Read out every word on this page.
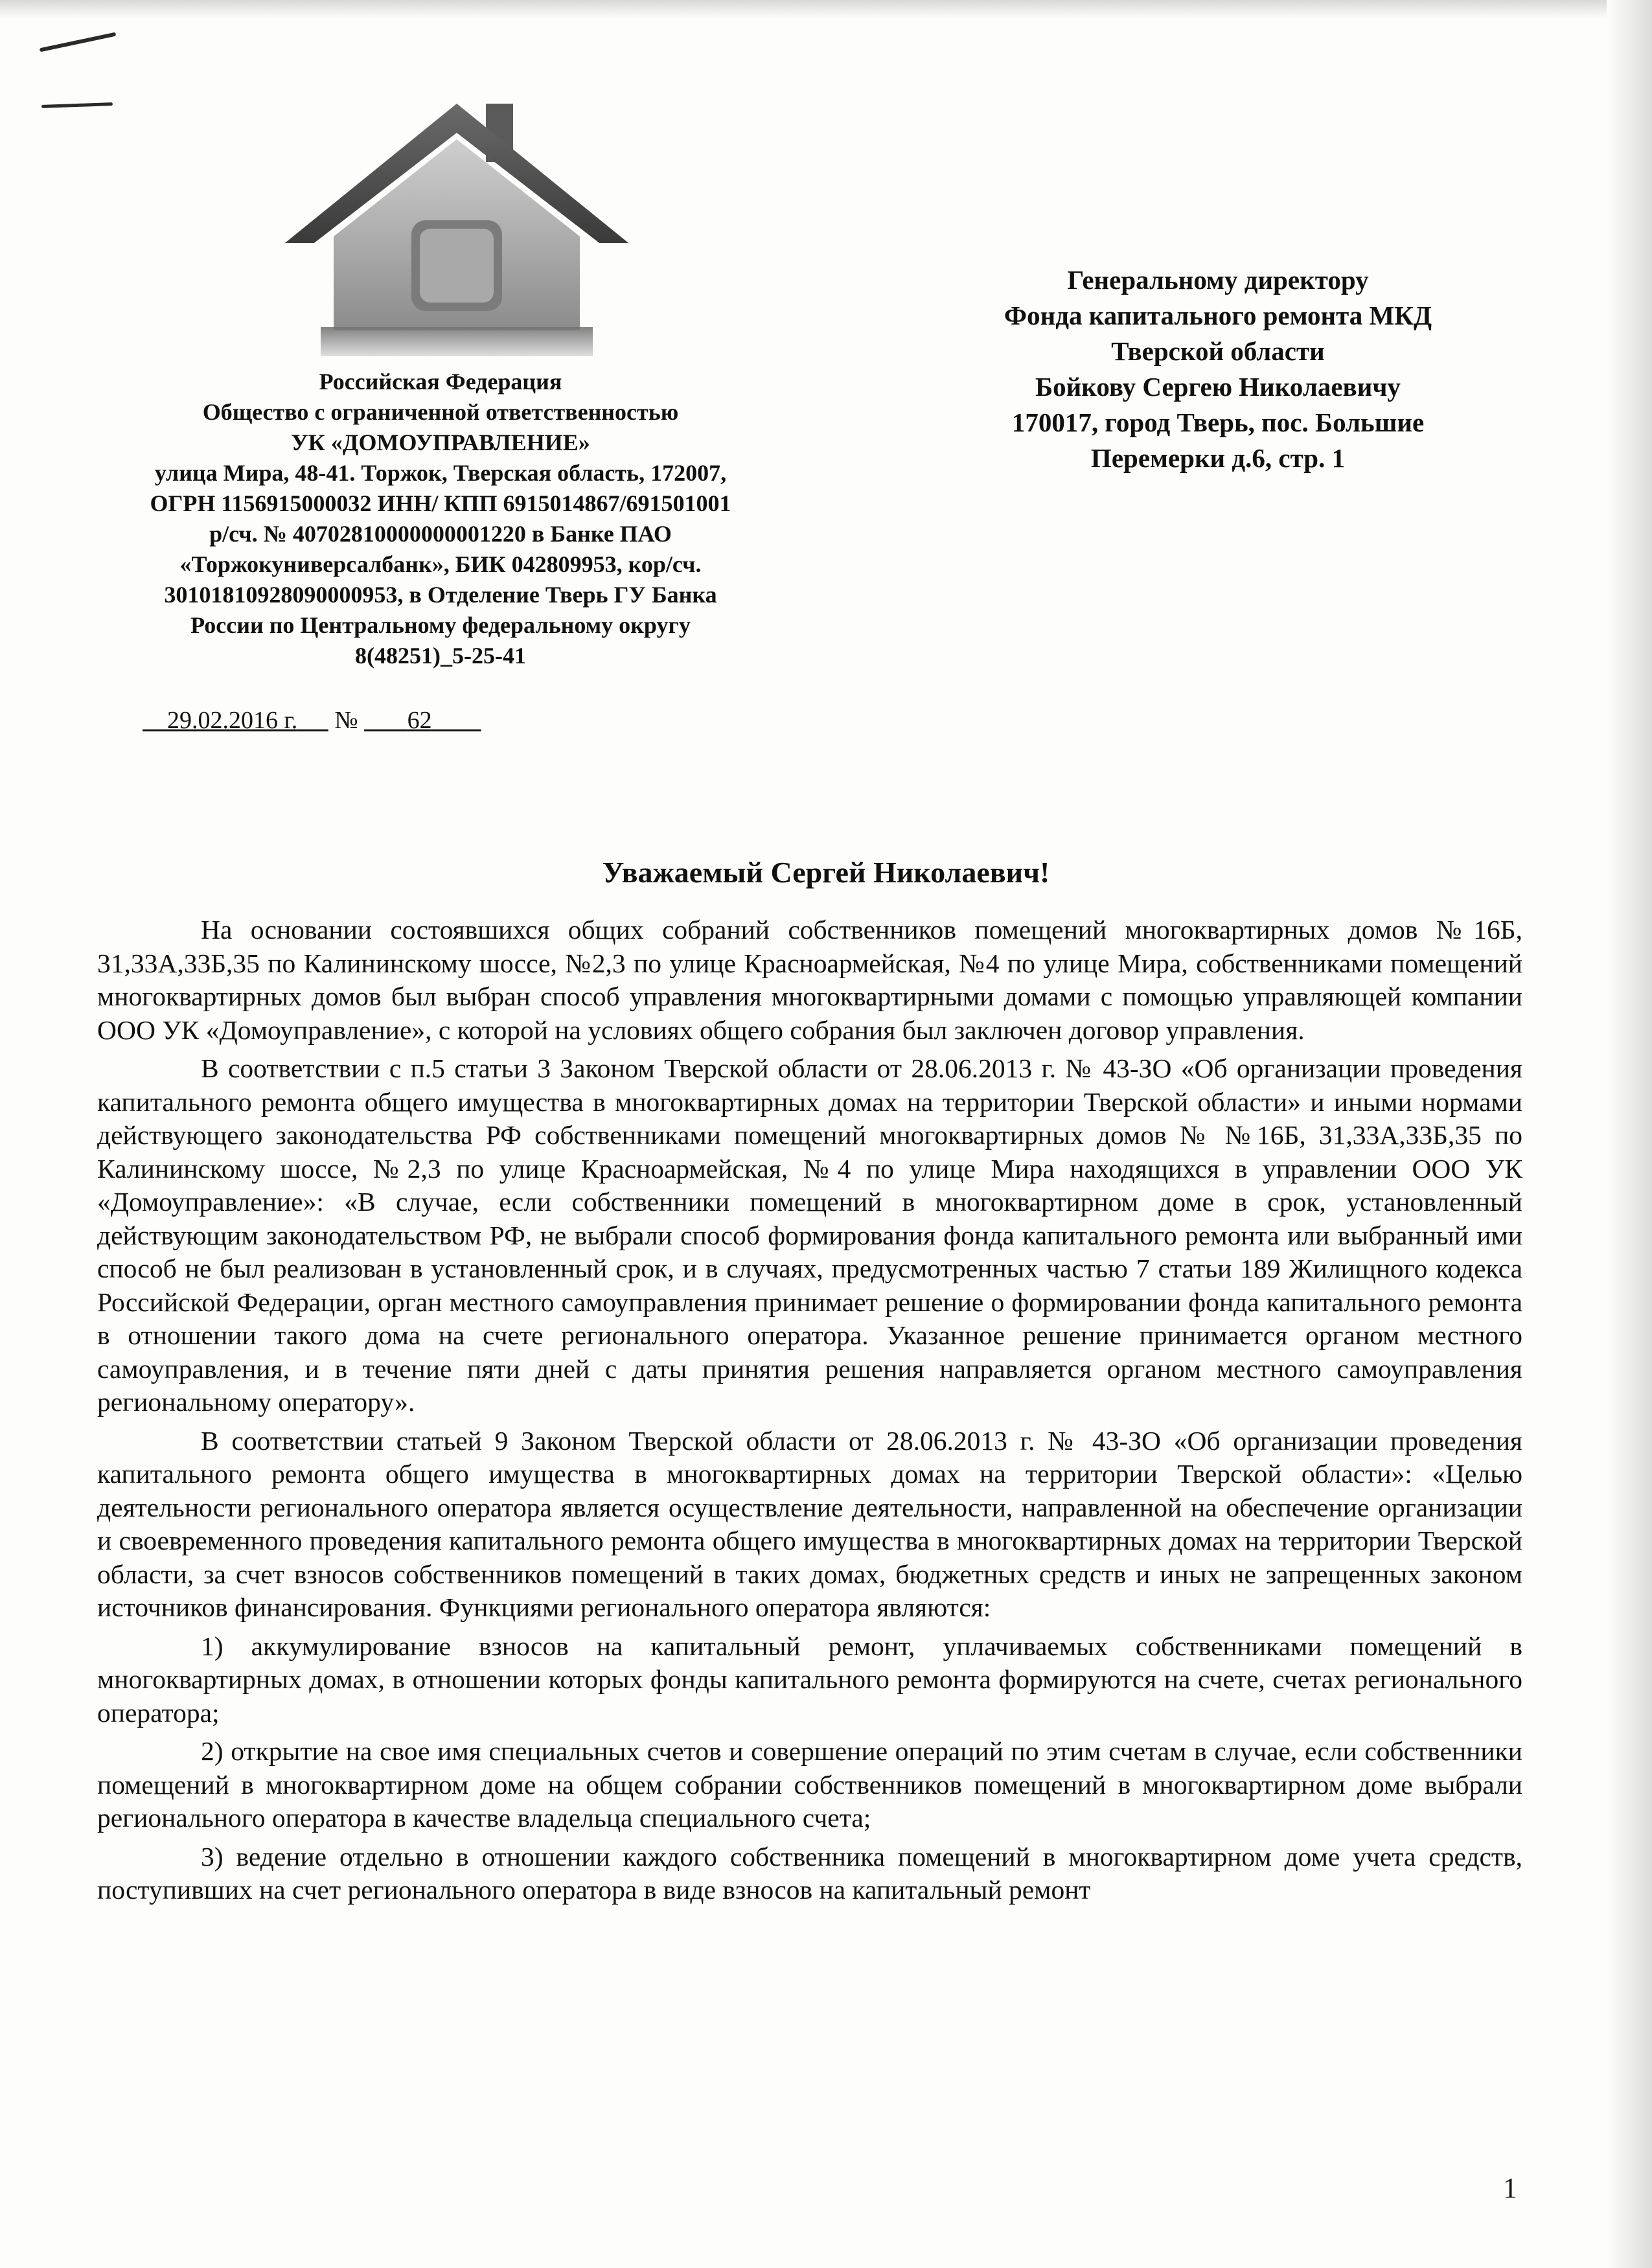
Российская Федерация
Общество с ограниченной ответственностью
УК «ДОМОУПРАВЛЕНИЕ»
улица Мира, 48-41. Торжок, Тверская область, 172007,
ОГРН 1156915000032 ИНН/ КПП 6915014867/691501001
р/сч. № 40702810000000001220 в Банке ПАО
«Торжокуниверсалбанк», БИК 042809953, кор/сч.
30101810928090000953, в Отделение Тверь ГУ Банка
России по Центральному федеральному округу
8(48251)_5-25-41
29.02.2016 г. № 62
Генеральному директору
Фонда капитального ремонта МКД
Тверской области
Бойкову Сергею Николаевичу
170017, город Тверь, пос. Большие
Перемерки д.6, стр. 1
Уважаемый Сергей Николаевич!

На основании состоявшихся общих собраний собственников помещений многоквартирных домов №16Б, 31,33А,33Б,35 по Калининскому шоссе, №2,3 по улице Красноармейская, №4 по улице Мира, собственниками помещений многоквартирных домов был выбран способ управления многоквартирными домами с помощью управляющей компании ООО УК «Домоуправление», с которой на условиях общего собрания был заключен договор управления.

В соответствии с п.5 статьи 3 Законом Тверской области от 28.06.2013 г. № 43-ЗО «Об организации проведения капитального ремонта общего имущества в многоквартирных домах на территории Тверской области» и иными нормами действующего законодательства РФ собственниками помещений многоквартирных домов № №16Б, 31,33А,33Б,35 по Калининскому шоссе, №2,3 по улице Красноармейская, №4 по улице Мира находящихся в управлении ООО УК «Домоуправление»: «В случае, если собственники помещений в многоквартирном доме в срок, установленный действующим законодательством РФ, не выбрали способ формирования фонда капитального ремонта или выбранный ими способ не был реализован в установленный срок, и в случаях, предусмотренных частью 7 статьи 189 Жилищного кодекса Российской Федерации, орган местного самоуправления принимает решение о формировании фонда капитального ремонта в отношении такого дома на счете регионального оператора. Указанное решение принимается органом местного самоуправления, и в течение пяти дней с даты принятия решения направляется органом местного самоуправления региональному оператору».

В соответствии статьей 9 Законом Тверской области от 28.06.2013 г. № 43-ЗО «Об организации проведения капитального ремонта общего имущества в многоквартирных домах на территории Тверской области»: «Целью деятельности регионального оператора является осуществление деятельности, направленной на обеспечение организации и своевременного проведения капитального ремонта общего имущества в многоквартирных домах на территории Тверской области, за счет взносов собственников помещений в таких домах, бюджетных средств и иных не запрещенных законом источников финансирования. Функциями регионального оператора являются:

1) аккумулирование взносов на капитальный ремонт, уплачиваемых собственниками помещений в многоквартирных домах, в отношении которых фонды капитального ремонта формируются на счете, счетах регионального оператора;

2) открытие на свое имя специальных счетов и совершение операций по этим счетам в случае, если собственники помещений в многоквартирном доме на общем собрании собственников помещений в многоквартирном доме выбрали регионального оператора в качестве владельца специального счета;

3) ведение отдельно в отношении каждого собственника помещений в многоквартирном доме учета средств, поступивших на счет регионального оператора в виде взносов на капитальный ремонт

1
